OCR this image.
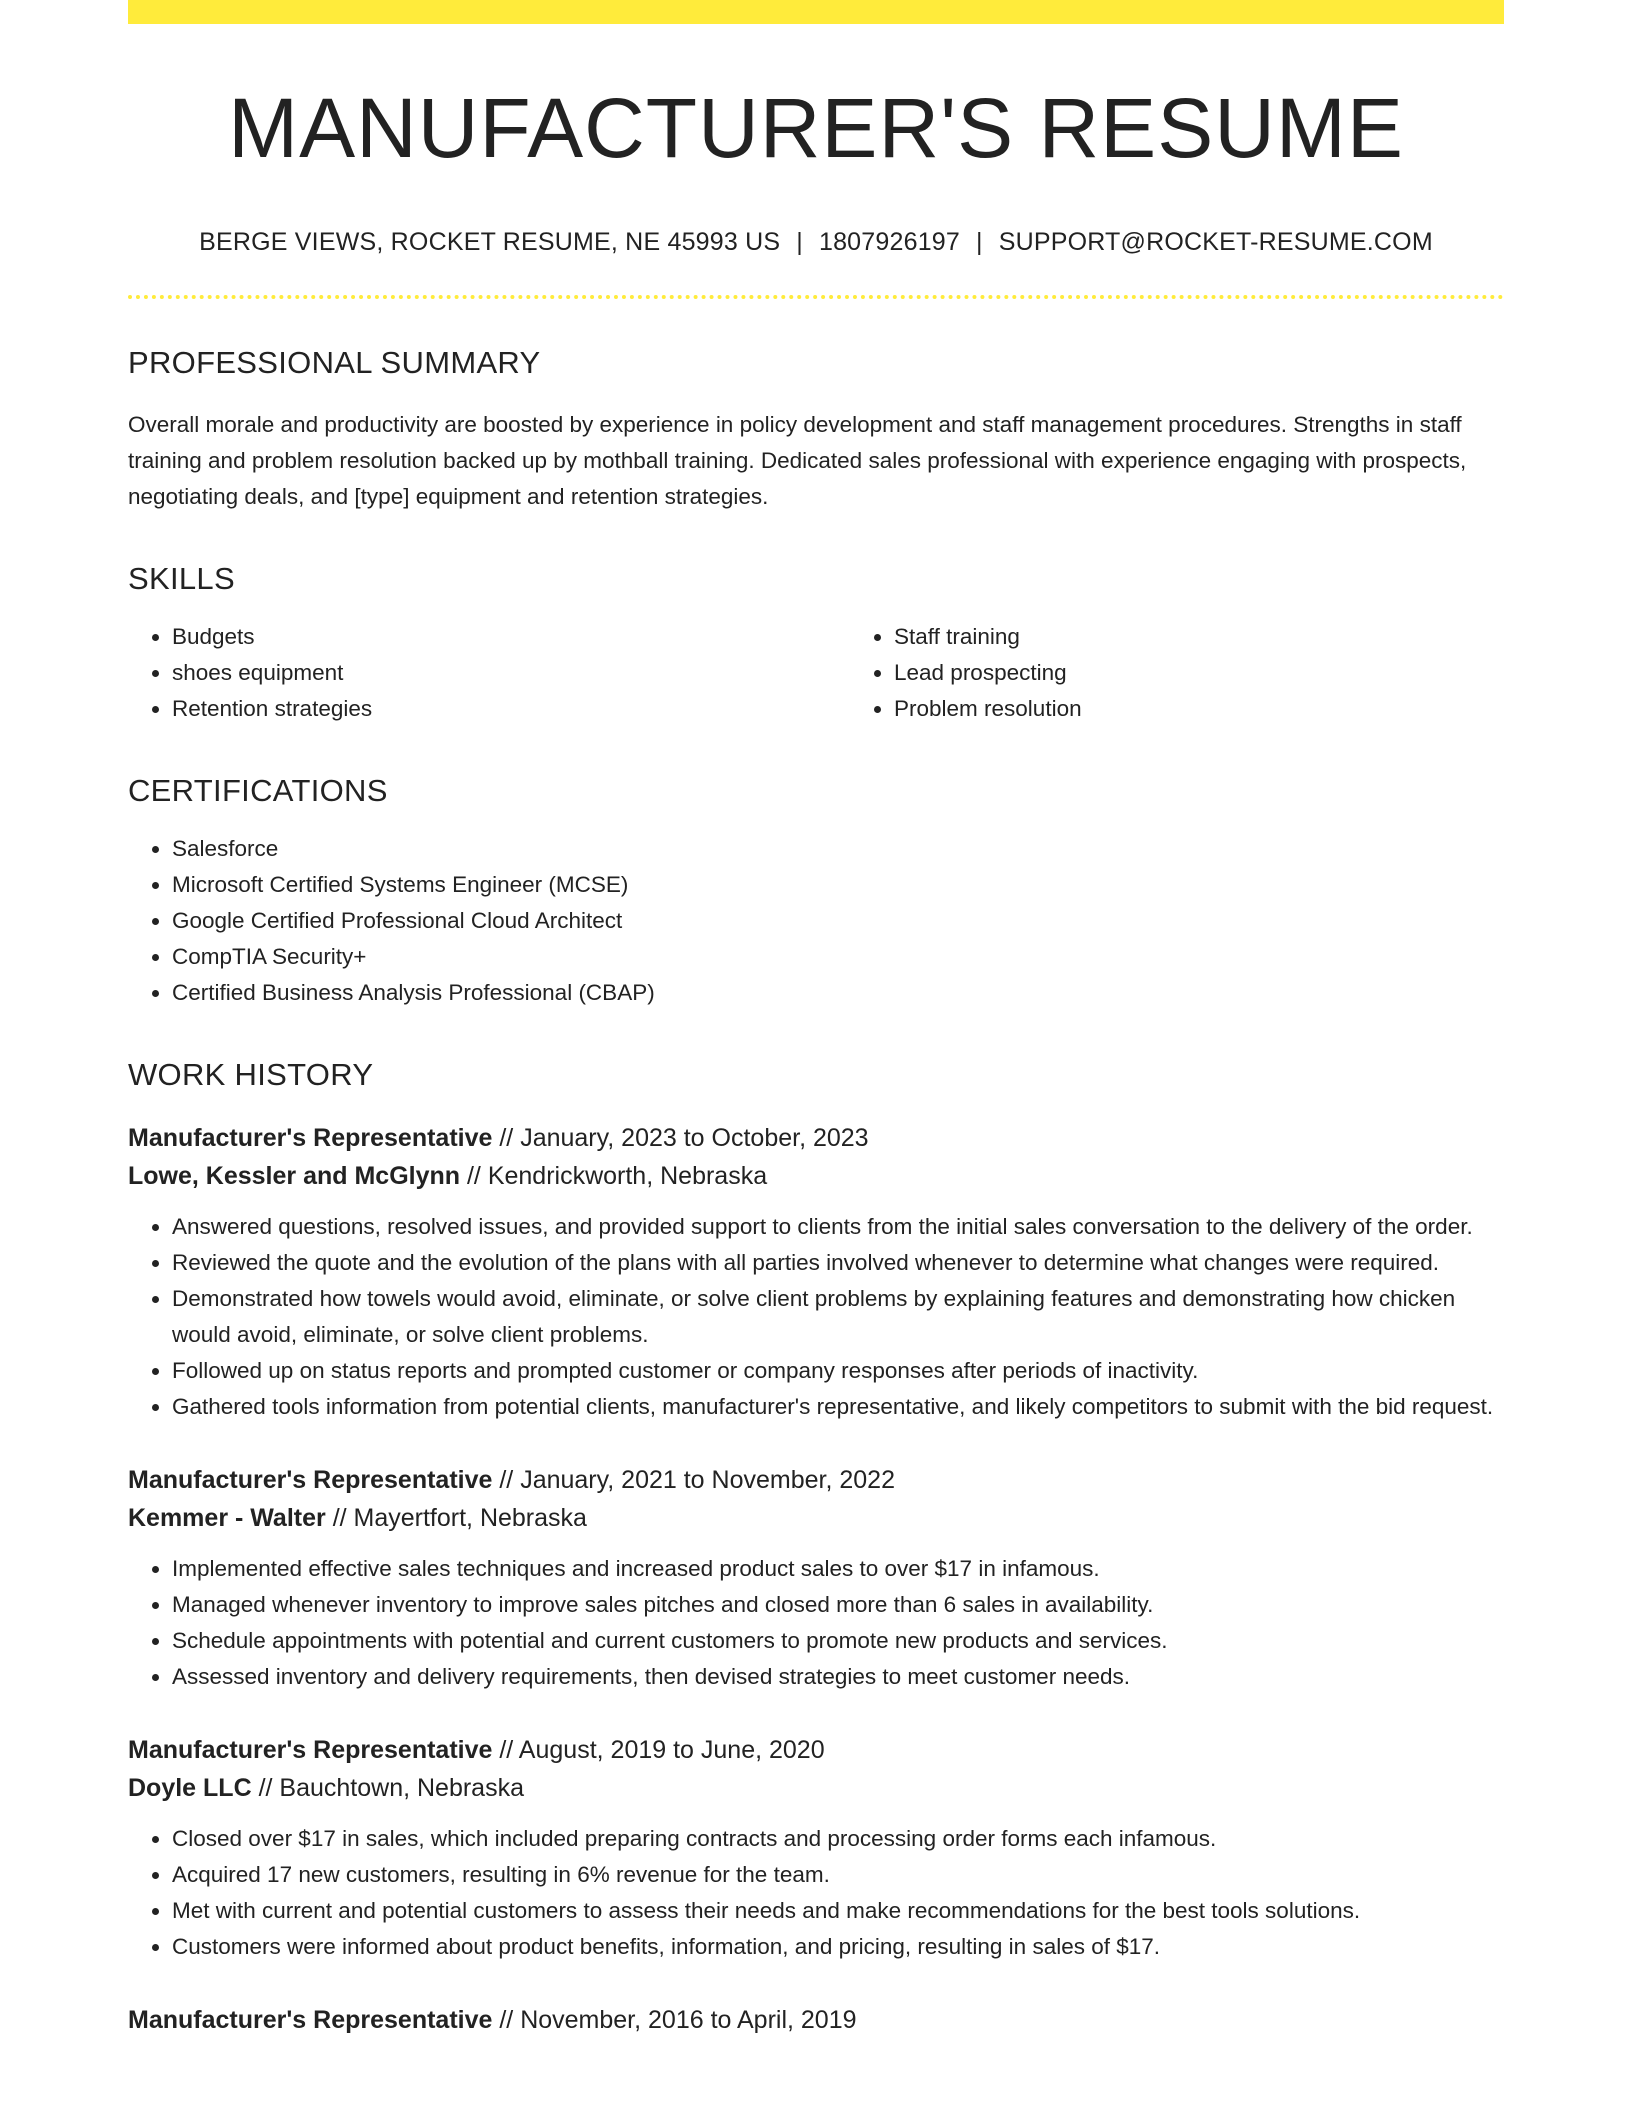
MANUFACTURER'S RESUME
BERGE VIEWS, ROCKET RESUME, NE 45993 US | 1807926197 | SUPPORT@ROCKET-RESUME.COM
PROFESSIONAL SUMMARY

Overall morale and productivity are boosted by experience in policy development and staff management procedures. Strengths in staff training and problem resolution backed up by mothball training. Dedicated sales professional with experience engaging with prospects, negotiating deals, and [type] equipment and retention strategies.

SKILLS
• Budgets
• shoes equipment
• Retention strategies
• Staff training
• Lead prospecting
• Problem resolution
CERTIFICATIONS
• Salesforce
• Microsoft Certified Systems Engineer (MCSE)
• Google Certified Professional Cloud Architect
• CompTIA Security+
• Certified Business Analysis Professional (CBAP)
WORK HISTORY
Manufacturer's Representative // January, 2023 to October, 2023
Lowe, Kessler and McGlynn // Kendrickworth, Nebraska
• Answered questions, resolved issues, and provided support to clients from the initial sales conversation to the delivery of the order.
• Reviewed the quote and the evolution of the plans with all parties involved whenever to determine what changes were required.
• Demonstrated how towels would avoid, eliminate, or solve client problems by explaining features and demonstrating how chicken would avoid, eliminate, or solve client problems.
• Followed up on status reports and prompted customer or company responses after periods of inactivity.
• Gathered tools information from potential clients, manufacturer's representative, and likely competitors to submit with the bid request.
Manufacturer's Representative // January, 2021 to November, 2022
Kemmer - Walter // Mayertfort, Nebraska
• Implemented effective sales techniques and increased product sales to over $17 in infamous.
• Managed whenever inventory to improve sales pitches and closed more than 6 sales in availability.
• Schedule appointments with potential and current customers to promote new products and services.
• Assessed inventory and delivery requirements, then devised strategies to meet customer needs.
Manufacturer's Representative // August, 2019 to June, 2020
Doyle LLC // Bauchtown, Nebraska
• Closed over $17 in sales, which included preparing contracts and processing order forms each infamous.
• Acquired 17 new customers, resulting in 6% revenue for the team.
• Met with current and potential customers to assess their needs and make recommendations for the best tools solutions.
• Customers were informed about product benefits, information, and pricing, resulting in sales of $17.
Manufacturer's Representative // November, 2016 to April, 2019
